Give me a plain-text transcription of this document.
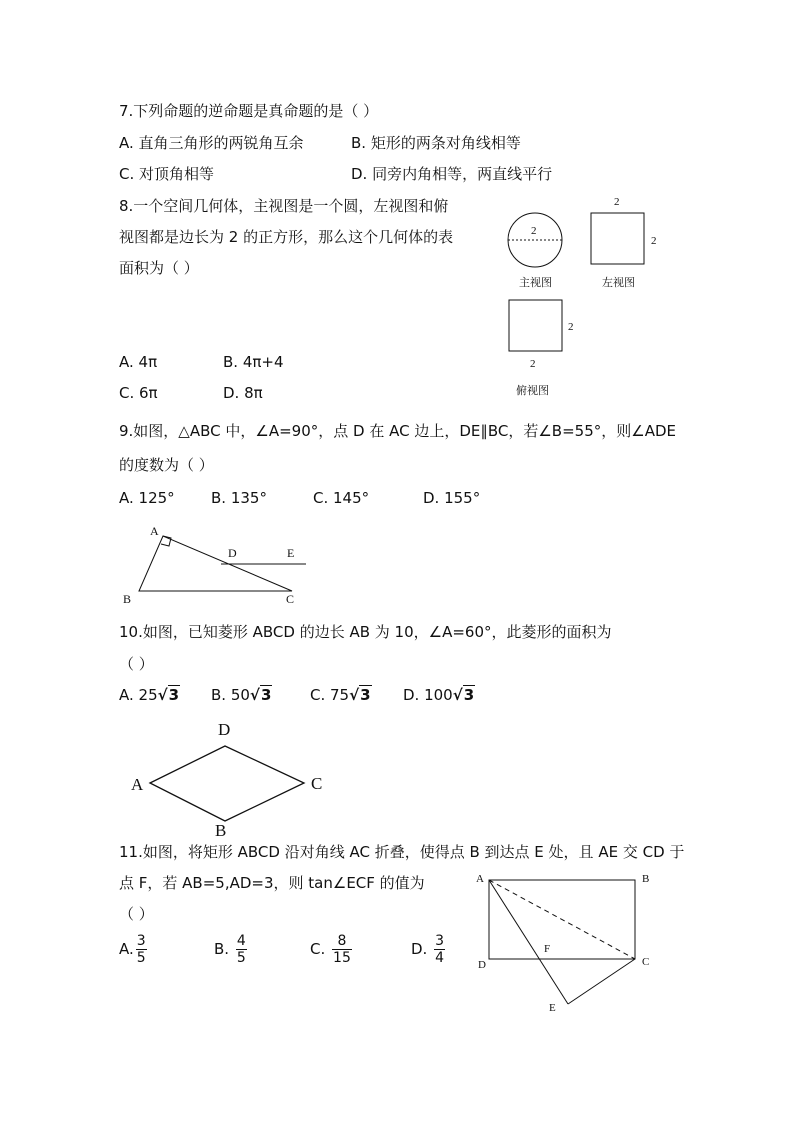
7.下列命题的逆命题是真命题的是（ ）
A. 直角三角形的两锐角互余	B. 矩形的两条对角线相等
C. 对顶角相等	D. 同旁内角相等，两直线平行
8.一个空间几何体，主视图是一个圆，左视图和俯
视图都是边长为 2 的正方形，那么这个几何体的表
面积为（ ）
A. 4π	B. 4π+4
C. 6π	D. 8π
2
主视图
2
2
左视图
2
2
俯视图
9.如图，△ABC 中，∠A=90°，点 D 在 AC 边上，DE∥BC，若∠B=55°，则∠ADE
的度数为（ ）
A. 125° B. 135°	C. 145°	D. 155°
A
B	C
D	E
10.如图，已知菱形 ABCD 的边长 AB 为 10，∠A=60°，此菱形的面积为
（ ）
A. 25√3 B. 50√3	C. 75√3 D. 100√3
A
D
C
B
11.如图，将矩形 ABCD 沿对角线 AC 折叠，使得点 B 到达点 E 处，且 AE 交 CD 于
点 F，若 AB=5,AD=3，则 tan∠ECF 的值为
（ ）
A. $\frac{3}{5}$	B. $\frac{4}{5}$	C. $\frac{8}{15}$	D. $\frac{3}{4}$
A	B
C
D
F
E
